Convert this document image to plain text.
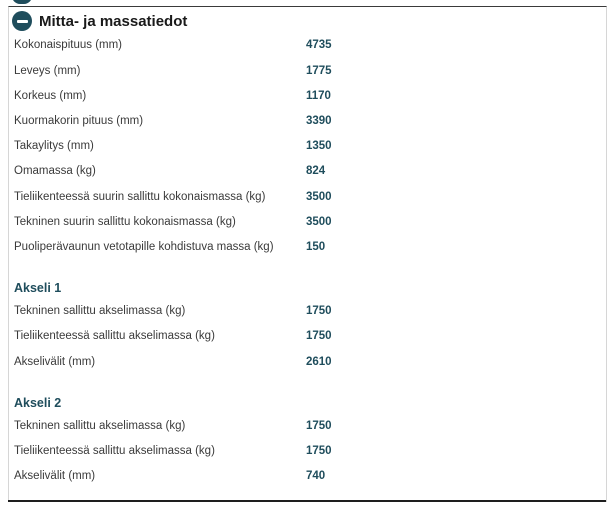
Mitta- ja massatiedot
Kokonaispituus (mm)	4735
Leveys (mm)	1775
Korkeus (mm)	1170
Kuormakorin pituus (mm)	3390
Takaylitys (mm)	1350
Omamassa (kg)	824
Tieliikenteessä suurin sallittu kokonaismassa (kg)	3500
Tekninen suurin sallittu kokonaismassa (kg)	3500
Puoliperävaunun vetotapille kohdistuva massa (kg)	150
Akseli 1
Tekninen sallittu akselimassa (kg)	1750
Tieliikenteessä sallittu akselimassa (kg)	1750
Akselivälit (mm)	2610
Akseli 2
Tekninen sallittu akselimassa (kg)	1750
Tieliikenteessä sallittu akselimassa (kg)	1750
Akselivälit (mm)	740
